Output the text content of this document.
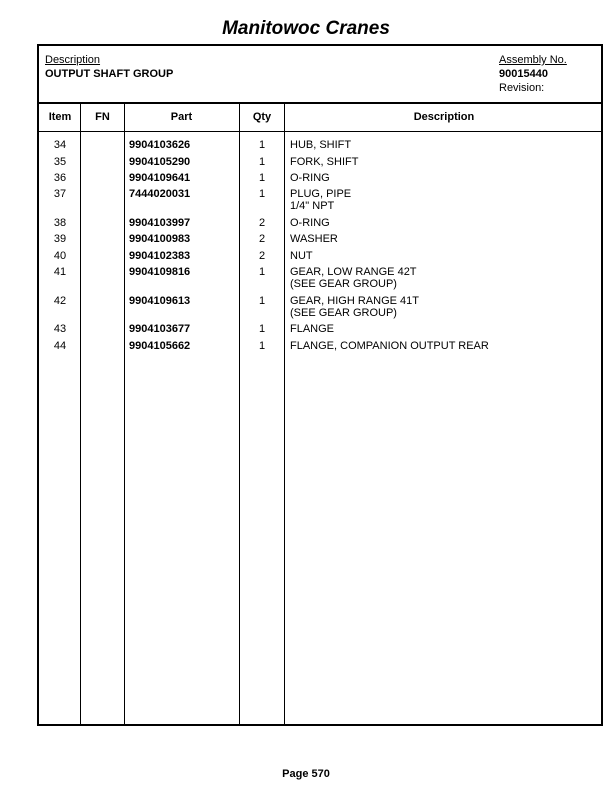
Manitowoc Cranes
Description
OUTPUT SHAFT GROUP
Assembly No.
90015440
Revision:
Item	FN	Part	Qty	Description
34	9904103626	1	HUB, SHIFT
35	9904105290	1	FORK, SHIFT
36	9904109641	1	O-RING
37	7444020031	1	PLUG, PIPE
1/4" NPT
38	9904103997	2	O-RING
39	9904100983	2	WASHER
40	9904102383	2	NUT
41	9904109816	1	GEAR, LOW RANGE 42T
(SEE GEAR GROUP)
42	9904109613	1	GEAR, HIGH RANGE 41T
(SEE GEAR GROUP)
43	9904103677	1	FLANGE
44	9904105662	1	FLANGE, COMPANION OUTPUT REAR
Page 570
